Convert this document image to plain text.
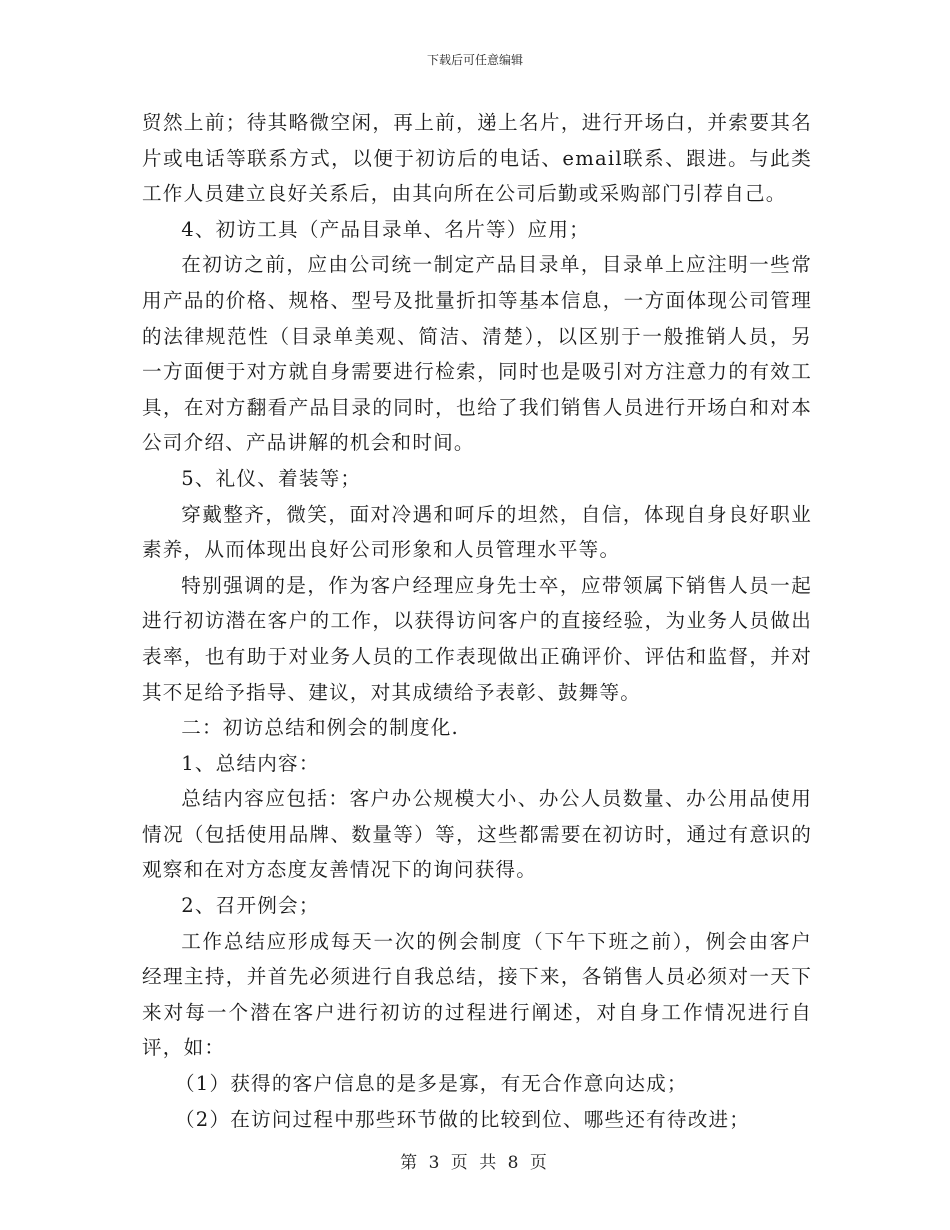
下载后可任意编辑

贸然上前；待其略微空闲，再上前，递上名片，进行开场白，并索要其名片或电话等联系方式，以便于初访后的电话、email联系、跟进。与此类工作人员建立良好关系后，由其向所在公司后勤或采购部门引荐自己。

4、初访工具（产品目录单、名片等）应用；

在初访之前，应由公司统一制定产品目录单，目录单上应注明一些常用产品的价格、规格、型号及批量折扣等基本信息，一方面体现公司管理的法律规范性（目录单美观、简洁、清楚），以区别于一般推销人员，另一方面便于对方就自身需要进行检索，同时也是吸引对方注意力的有效工具，在对方翻看产品目录的同时，也给了我们销售人员进行开场白和对本公司介绍、产品讲解的机会和时间。

5、礼仪、着装等；

穿戴整齐，微笑，面对冷遇和呵斥的坦然，自信，体现自身良好职业素养，从而体现出良好公司形象和人员管理水平等。

特别强调的是，作为客户经理应身先士卒，应带领属下销售人员一起进行初访潜在客户的工作，以获得访问客户的直接经验，为业务人员做出表率，也有助于对业务人员的工作表现做出正确评价、评估和监督，并对其不足给予指导、建议，对其成绩给予表彰、鼓舞等。

二：初访总结和例会的制度化.

1、总结内容：

总结内容应包括：客户办公规模大小、办公人员数量、办公用品使用情况（包括使用品牌、数量等）等，这些都需要在初访时，通过有意识的观察和在对方态度友善情况下的询问获得。

2、召开例会；

工作总结应形成每天一次的例会制度（下午下班之前），例会由客户经理主持，并首先必须进行自我总结，接下来，各销售人员必须对一天下来对每一个潜在客户进行初访的过程进行阐述，对自身工作情况进行自评，如：

（1）获得的客户信息的是多是寡，有无合作意向达成；

（2）在访问过程中那些环节做的比较到位、哪些还有待改进；

第 3 页 共 8 页
